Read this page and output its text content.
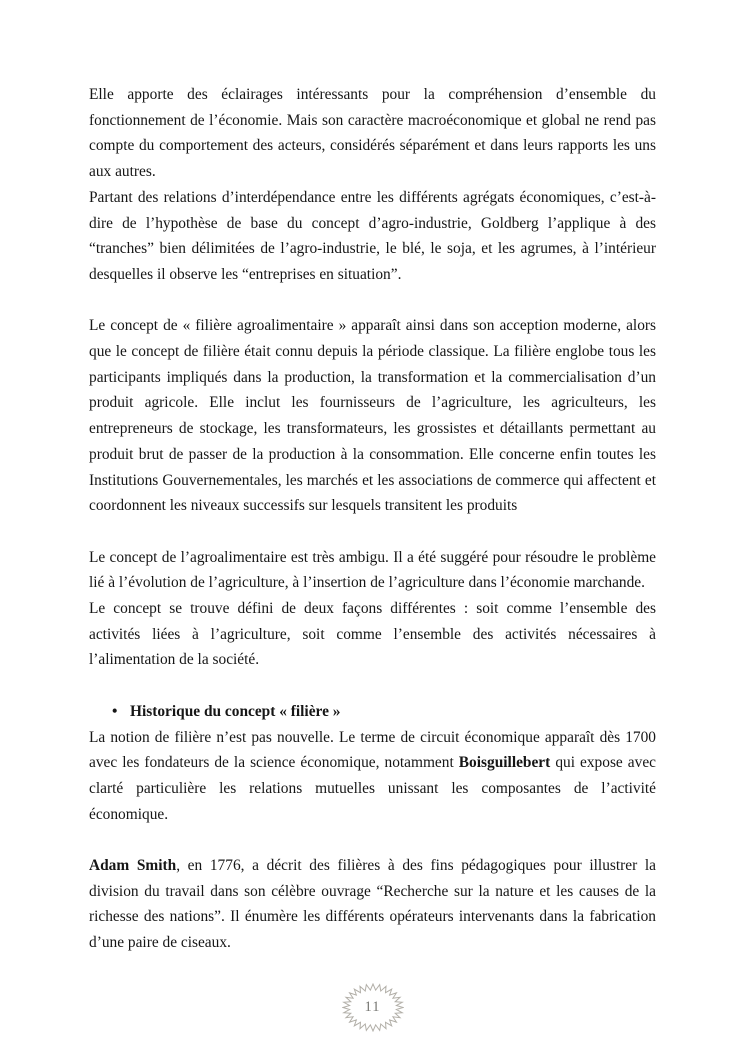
Elle apporte des éclairages intéressants pour la compréhension d’ensemble du fonctionnement de l’économie. Mais son caractère macroéconomique et global ne rend pas compte du comportement des acteurs, considérés séparément et dans leurs rapports les uns aux autres.

Partant des relations d’interdépendance entre les différents agrégats économiques, c’est-à-dire de l’hypothèse de base du concept d’agro-industrie, Goldberg l’applique à des “tranches” bien délimitées de l’agro-industrie, le blé, le soja, et les agrumes, à l’intérieur desquelles il observe les “entreprises en situation”.

Le concept de « filière agroalimentaire » apparaît ainsi dans son acception moderne, alors que le concept de filière était connu depuis la période classique. La filière englobe tous les participants impliqués dans la production, la transformation et la commercialisation d’un produit agricole. Elle inclut les fournisseurs de l’agriculture, les agriculteurs, les entrepreneurs de stockage, les transformateurs, les grossistes et détaillants permettant au produit brut de passer de la production à la consommation. Elle concerne enfin toutes les Institutions Gouvernementales, les marchés et les associations de commerce qui affectent et coordonnent les niveaux successifs sur lesquels transitent les produits

Le concept de l’agroalimentaire est très ambigu. Il a été suggéré pour résoudre le problème lié à l’évolution de l’agriculture, à l’insertion de l’agriculture dans l’économie marchande.

Le concept se trouve défini de deux façons différentes : soit comme l’ensemble des activités liées à l’agriculture, soit comme l’ensemble des activités nécessaires à l’alimentation de la société.

• Historique du concept « filière »

La notion de filière n’est pas nouvelle. Le terme de circuit économique apparaît dès 1700 avec les fondateurs de la science économique, notamment Boisguillebert qui expose avec clarté particulière les relations mutuelles unissant les composantes de l’activité économique.

Adam Smith, en 1776, a décrit des filières à des fins pédagogiques pour illustrer la division du travail dans son célèbre ouvrage “Recherche sur la nature et les causes de la richesse des nations”. Il énumère les différents opérateurs intervenants dans la fabrication d’une paire de ciseaux.

11
